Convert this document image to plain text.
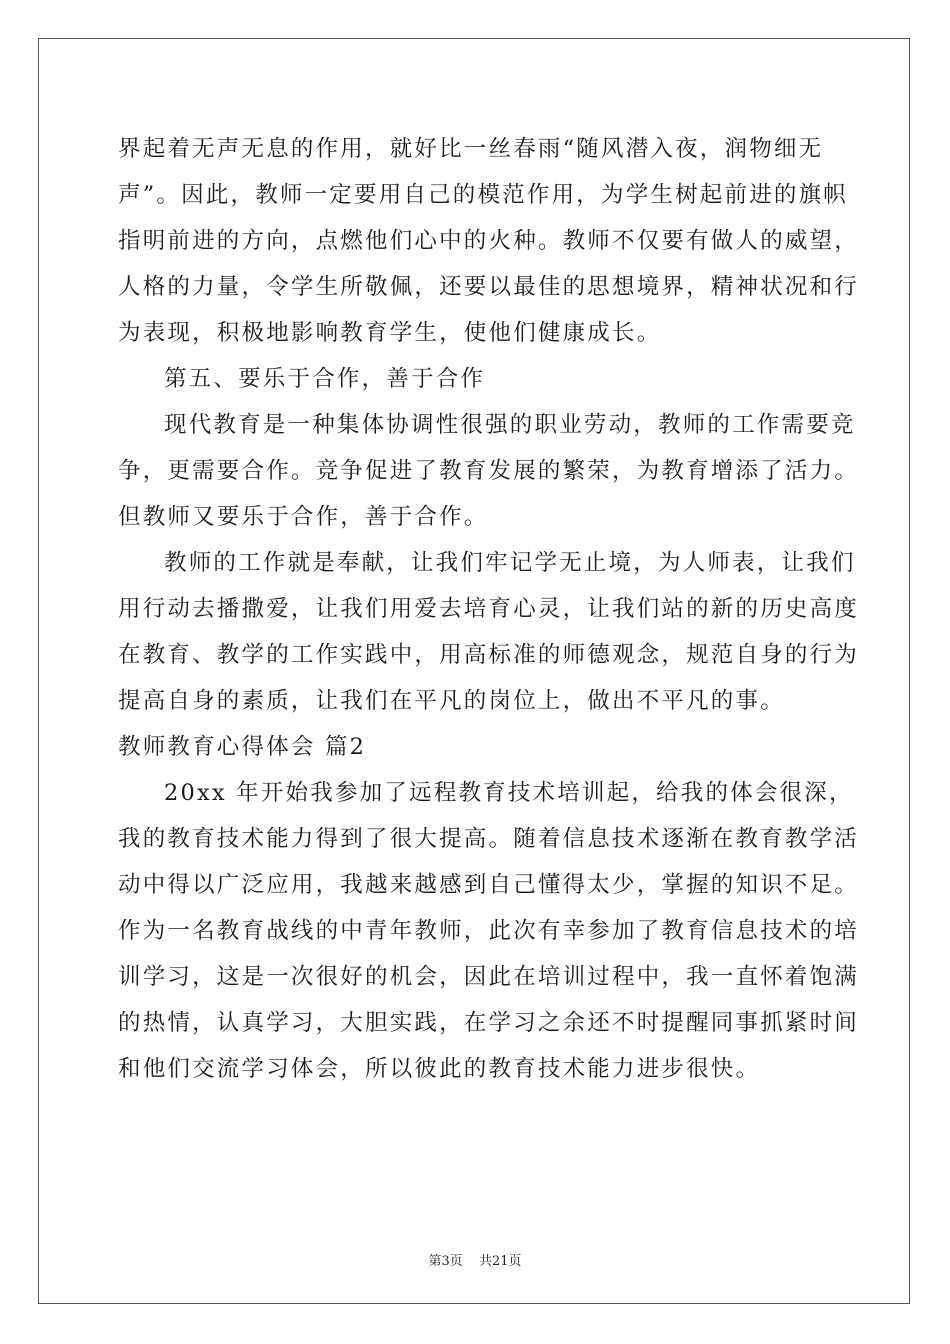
界起着无声无息的作用，就好比一丝春雨“随风潜入夜，润物细无
声”。因此，教师一定要用自己的模范作用，为学生树起前进的旗帜
指明前进的方向，点燃他们心中的火种。教师不仅要有做人的威望，
人格的力量，令学生所敬佩，还要以最佳的思想境界，精神状况和行
为表现，积极地影响教育学生，使他们健康成长。
第五、要乐于合作，善于合作
现代教育是一种集体协调性很强的职业劳动，教师的工作需要竞
争，更需要合作。竞争促进了教育发展的繁荣，为教育增添了活力。
但教师又要乐于合作，善于合作。
教师的工作就是奉献，让我们牢记学无止境，为人师表，让我们
用行动去播撒爱，让我们用爱去培育心灵，让我们站的新的历史高度
在教育、教学的工作实践中，用高标准的师德观念，规范自身的行为
提高自身的素质，让我们在平凡的岗位上，做出不平凡的事。
教师教育心得体会 篇2
20xx 年开始我参加了远程教育技术培训起，给我的体会很深，
我的教育技术能力得到了很大提高。随着信息技术逐渐在教育教学活
动中得以广泛应用，我越来越感到自己懂得太少，掌握的知识不足。
作为一名教育战线的中青年教师，此次有幸参加了教育信息技术的培
训学习，这是一次很好的机会，因此在培训过程中，我一直怀着饱满
的热情，认真学习，大胆实践，在学习之余还不时提醒同事抓紧时间
和他们交流学习体会，所以彼此的教育技术能力进步很快。
第3页 共21页
